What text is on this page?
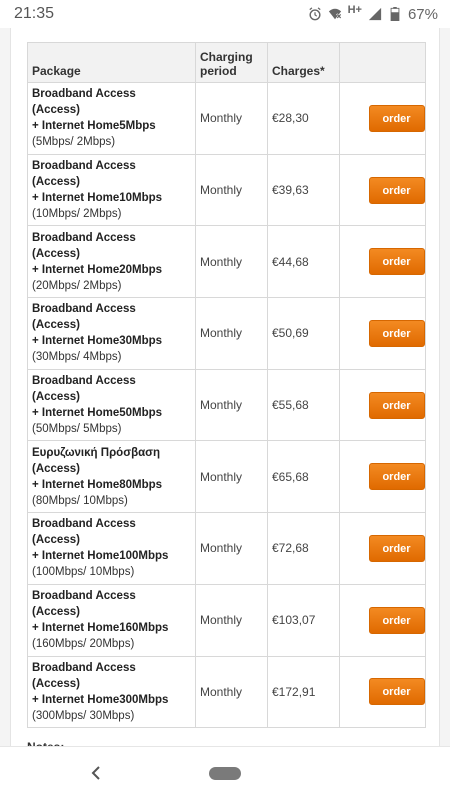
21:35	H+	67%
Package	Charging period	Charges*	

Broadband Access
(Access)
+ Internet Home5Mbps
(5Mbps/ 2Mbps)	Monthly	€28,30	order

Broadband Access
(Access)
+ Internet Home10Mbps
(10Mbps/ 2Mbps)	Monthly	€39,63	order

Broadband Access
(Access)
+ Internet Home20Mbps
(20Mbps/ 2Mbps)	Monthly	€44,68	order

Broadband Access
(Access)
+ Internet Home30Mbps
(30Mbps/ 4Mbps)	Monthly	€50,69	order

Broadband Access
(Access)
+ Internet Home50Mbps
(50Mbps/ 5Mbps)	Monthly	€55,68	order

Ευρυζωνική Πρόσβαση
(Access)
+ Internet Home80Mbps
(80Mbps/ 10Mbps)	Monthly	€65,68	order

Broadband Access
(Access)
+ Internet Home100Mbps
(100Mbps/ 10Mbps)	Monthly	€72,68	order

Broadband Access
(Access)
+ Internet Home160Mbps
(160Mbps/ 20Mbps)	Monthly	€103,07	order

Broadband Access
(Access)
+ Internet Home300Mbps
(300Mbps/ 30Mbps)	Monthly	€172,91	order
